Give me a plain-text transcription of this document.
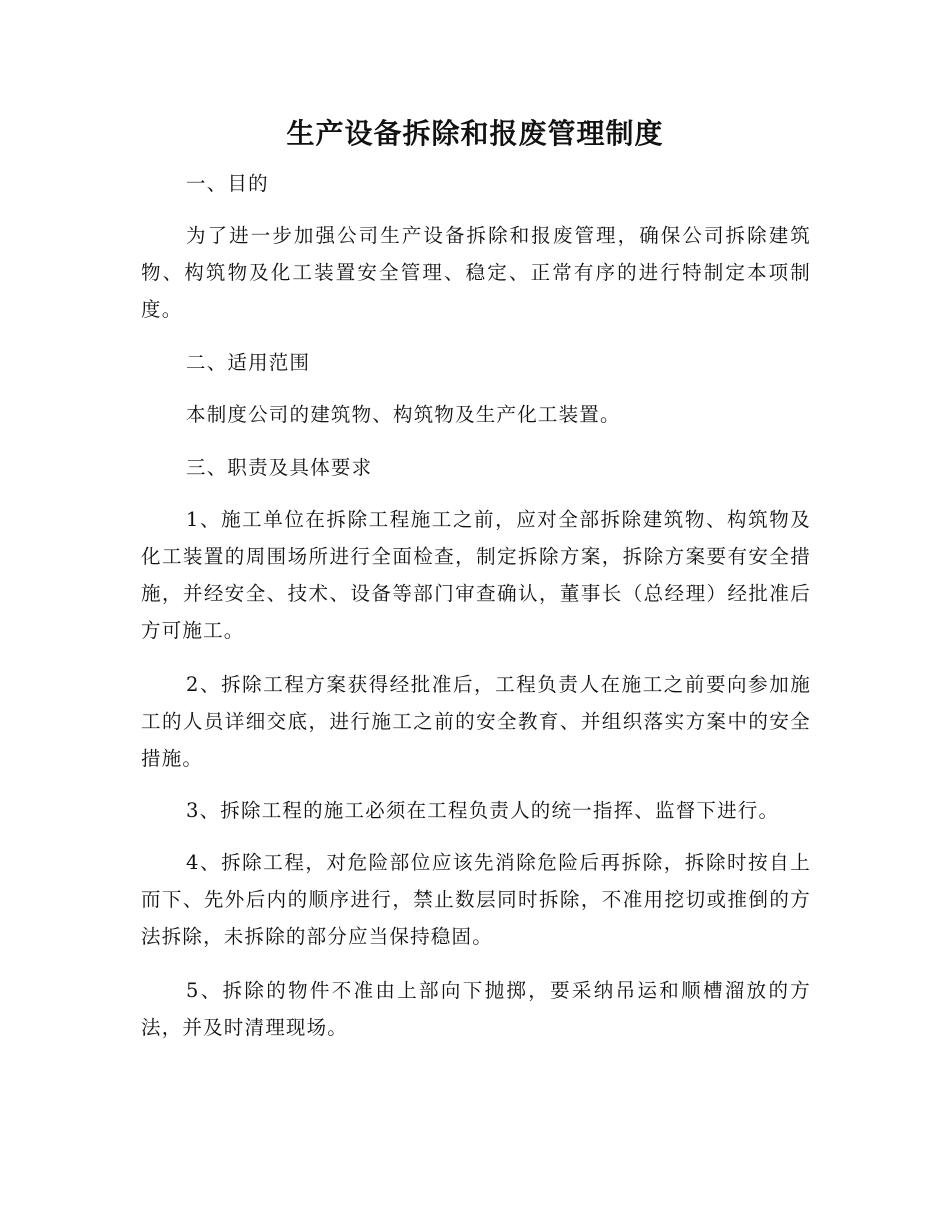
生产设备拆除和报废管理制度

一、目的

为了进一步加强公司生产设备拆除和报废管理，确保公司拆除建筑物、构筑物及化工装置安全管理、稳定、正常有序的进行特制定本项制度。

二、适用范围

本制度公司的建筑物、构筑物及生产化工装置。

三、职责及具体要求

1、施工单位在拆除工程施工之前，应对全部拆除建筑物、构筑物及化工装置的周围场所进行全面检查，制定拆除方案，拆除方案要有安全措施，并经安全、技术、设备等部门审查确认，董事长（总经理）经批准后方可施工。

2、拆除工程方案获得经批准后，工程负责人在施工之前要向参加施工的人员详细交底，进行施工之前的安全教育、并组织落实方案中的安全措施。

3、拆除工程的施工必须在工程负责人的统一指挥、监督下进行。

4、拆除工程，对危险部位应该先消除危险后再拆除，拆除时按自上而下、先外后内的顺序进行，禁止数层同时拆除，不准用挖切或推倒的方法拆除，未拆除的部分应当保持稳固。

5、拆除的物件不准由上部向下抛掷，要采纳吊运和顺槽溜放的方法，并及时清理现场。
